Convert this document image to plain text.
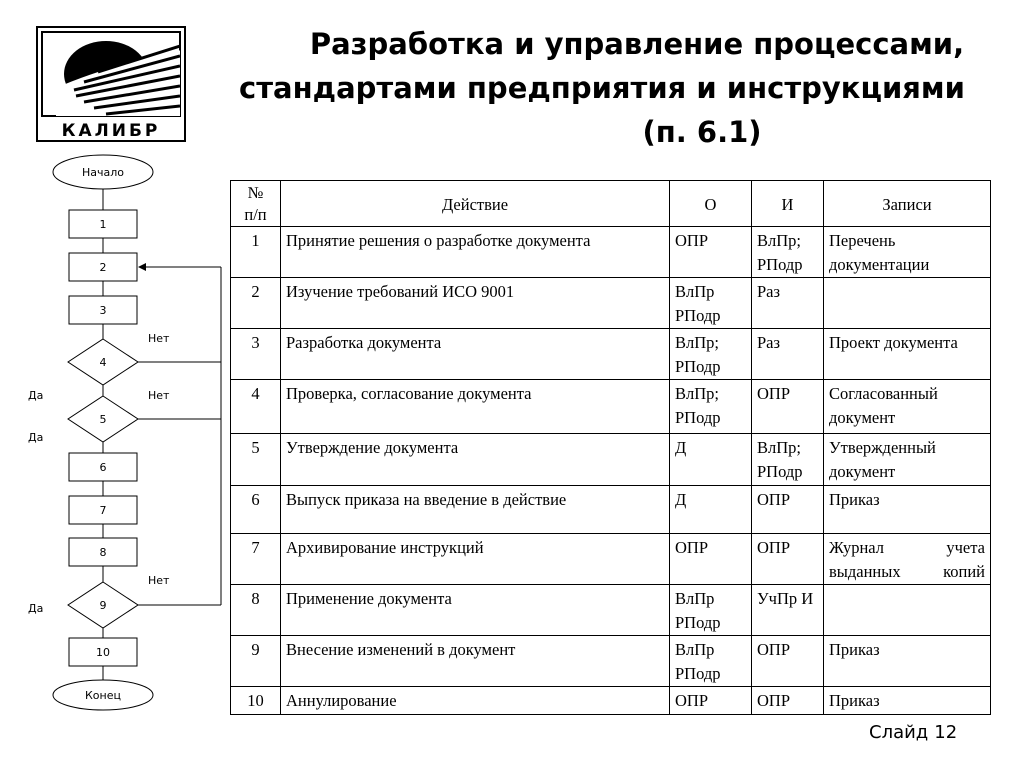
КАЛИБР
Разработка и управление процессами,
стандартами предприятия и инструкциями
(п. 6.1)
Начало
1
2
3
4
5
6
7
8
9
10
Конец
Нет
Нет
Нет
Да
Да
Да
№ п/п	Действие	О	И	Записи
1	Принятие решения о разработке документа	ОПР	ВлПр; РПодр	Перечень документации
2	Изучение требований ИСО 9001	ВлПр РПодр	Раз	
3	Разработка документа	ВлПр; РПодр	Раз	Проект документа
4	Проверка, согласование документа	ВлПр; РПодр	ОПР	Согласованный документ
5	Утверждение документа	Д	ВлПр; РПодр	Утвержденный документ
6	Выпуск приказа на введение в действие	Д	ОПР	Приказ
7	Архивирование инструкций	ОПР	ОПР	Журнал учета выданных копий
8	Применение документа	ВлПр РПодр	УчПр И	
9	Внесение изменений в документ	ВлПр РПодр	ОПР	Приказ
10	Аннулирование	ОПР	ОПР	Приказ
Слайд 12
